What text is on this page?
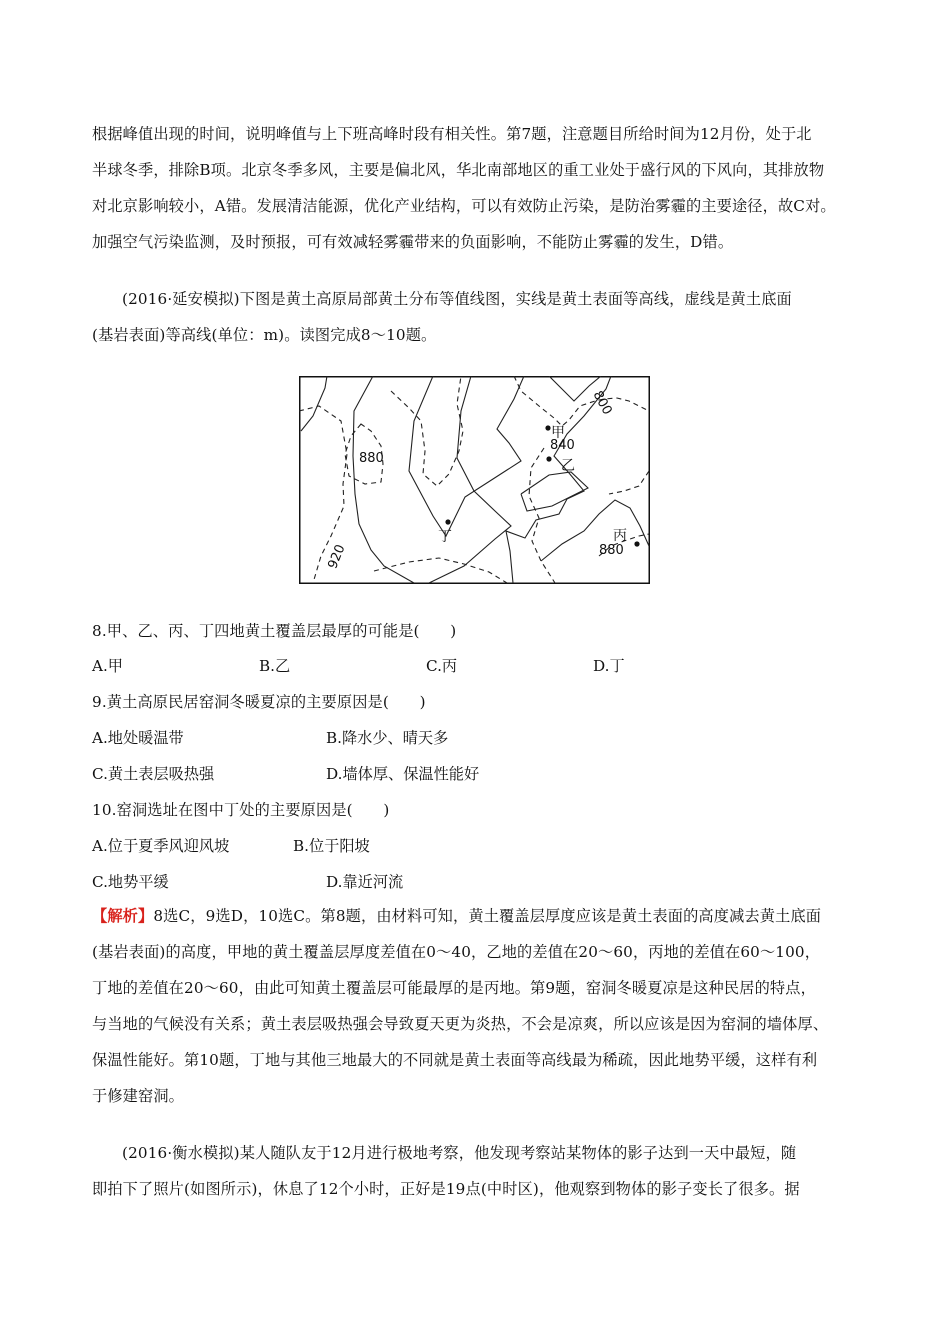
根据峰值出现的时间，说明峰值与上下班高峰时段有相关性。第7题，注意题目所给时间为12月份，处于北
半球冬季，排除B项。北京冬季多风，主要是偏北风，华北南部地区的重工业处于盛行风的下风向，其排放物
对北京影响较小，A错。发展清洁能源，优化产业结构，可以有效防止污染，是防治雾霾的主要途径，故C对。
加强空气污染监测，及时预报，可有效减轻雾霾带来的负面影响，不能防止雾霾的发生，D错。
(2016·延安模拟)下图是黄土高原局部黄土分布等值线图，实线是黄土表面等高线，虚线是黄土底面
(基岩表面)等高线(单位：m)。读图完成8～10题。
800
840
880
880
920
甲
乙
丙
丁
8.甲、乙、丙、丁四地黄土覆盖层最厚的可能是(　　)
A.甲	B.乙	C.丙	D.丁
9.黄土高原民居窑洞冬暖夏凉的主要原因是(　　)
A.地处暖温带	B.降水少、晴天多
C.黄土表层吸热强	D.墙体厚、保温性能好
10.窑洞选址在图中丁处的主要原因是(　　)
A.位于夏季风迎风坡	B.位于阳坡
C.地势平缓	D.靠近河流
【解析】8选C，9选D，10选C。第8题，由材料可知，黄土覆盖层厚度应该是黄土表面的高度减去黄土底面
(基岩表面)的高度，甲地的黄土覆盖层厚度差值在0～40，乙地的差值在20～60，丙地的差值在60～100，
丁地的差值在20～60，由此可知黄土覆盖层可能最厚的是丙地。第9题，窑洞冬暖夏凉是这种民居的特点，
与当地的气候没有关系；黄土表层吸热强会导致夏天更为炎热，不会是凉爽，所以应该是因为窑洞的墙体厚、
保温性能好。第10题，丁地与其他三地最大的不同就是黄土表面等高线最为稀疏，因此地势平缓，这样有利
于修建窑洞。
(2016·衡水模拟)某人随队友于12月进行极地考察，他发现考察站某物体的影子达到一天中最短，随
即拍下了照片(如图所示)，休息了12个小时，正好是19点(中时区)，他观察到物体的影子变长了很多。据
